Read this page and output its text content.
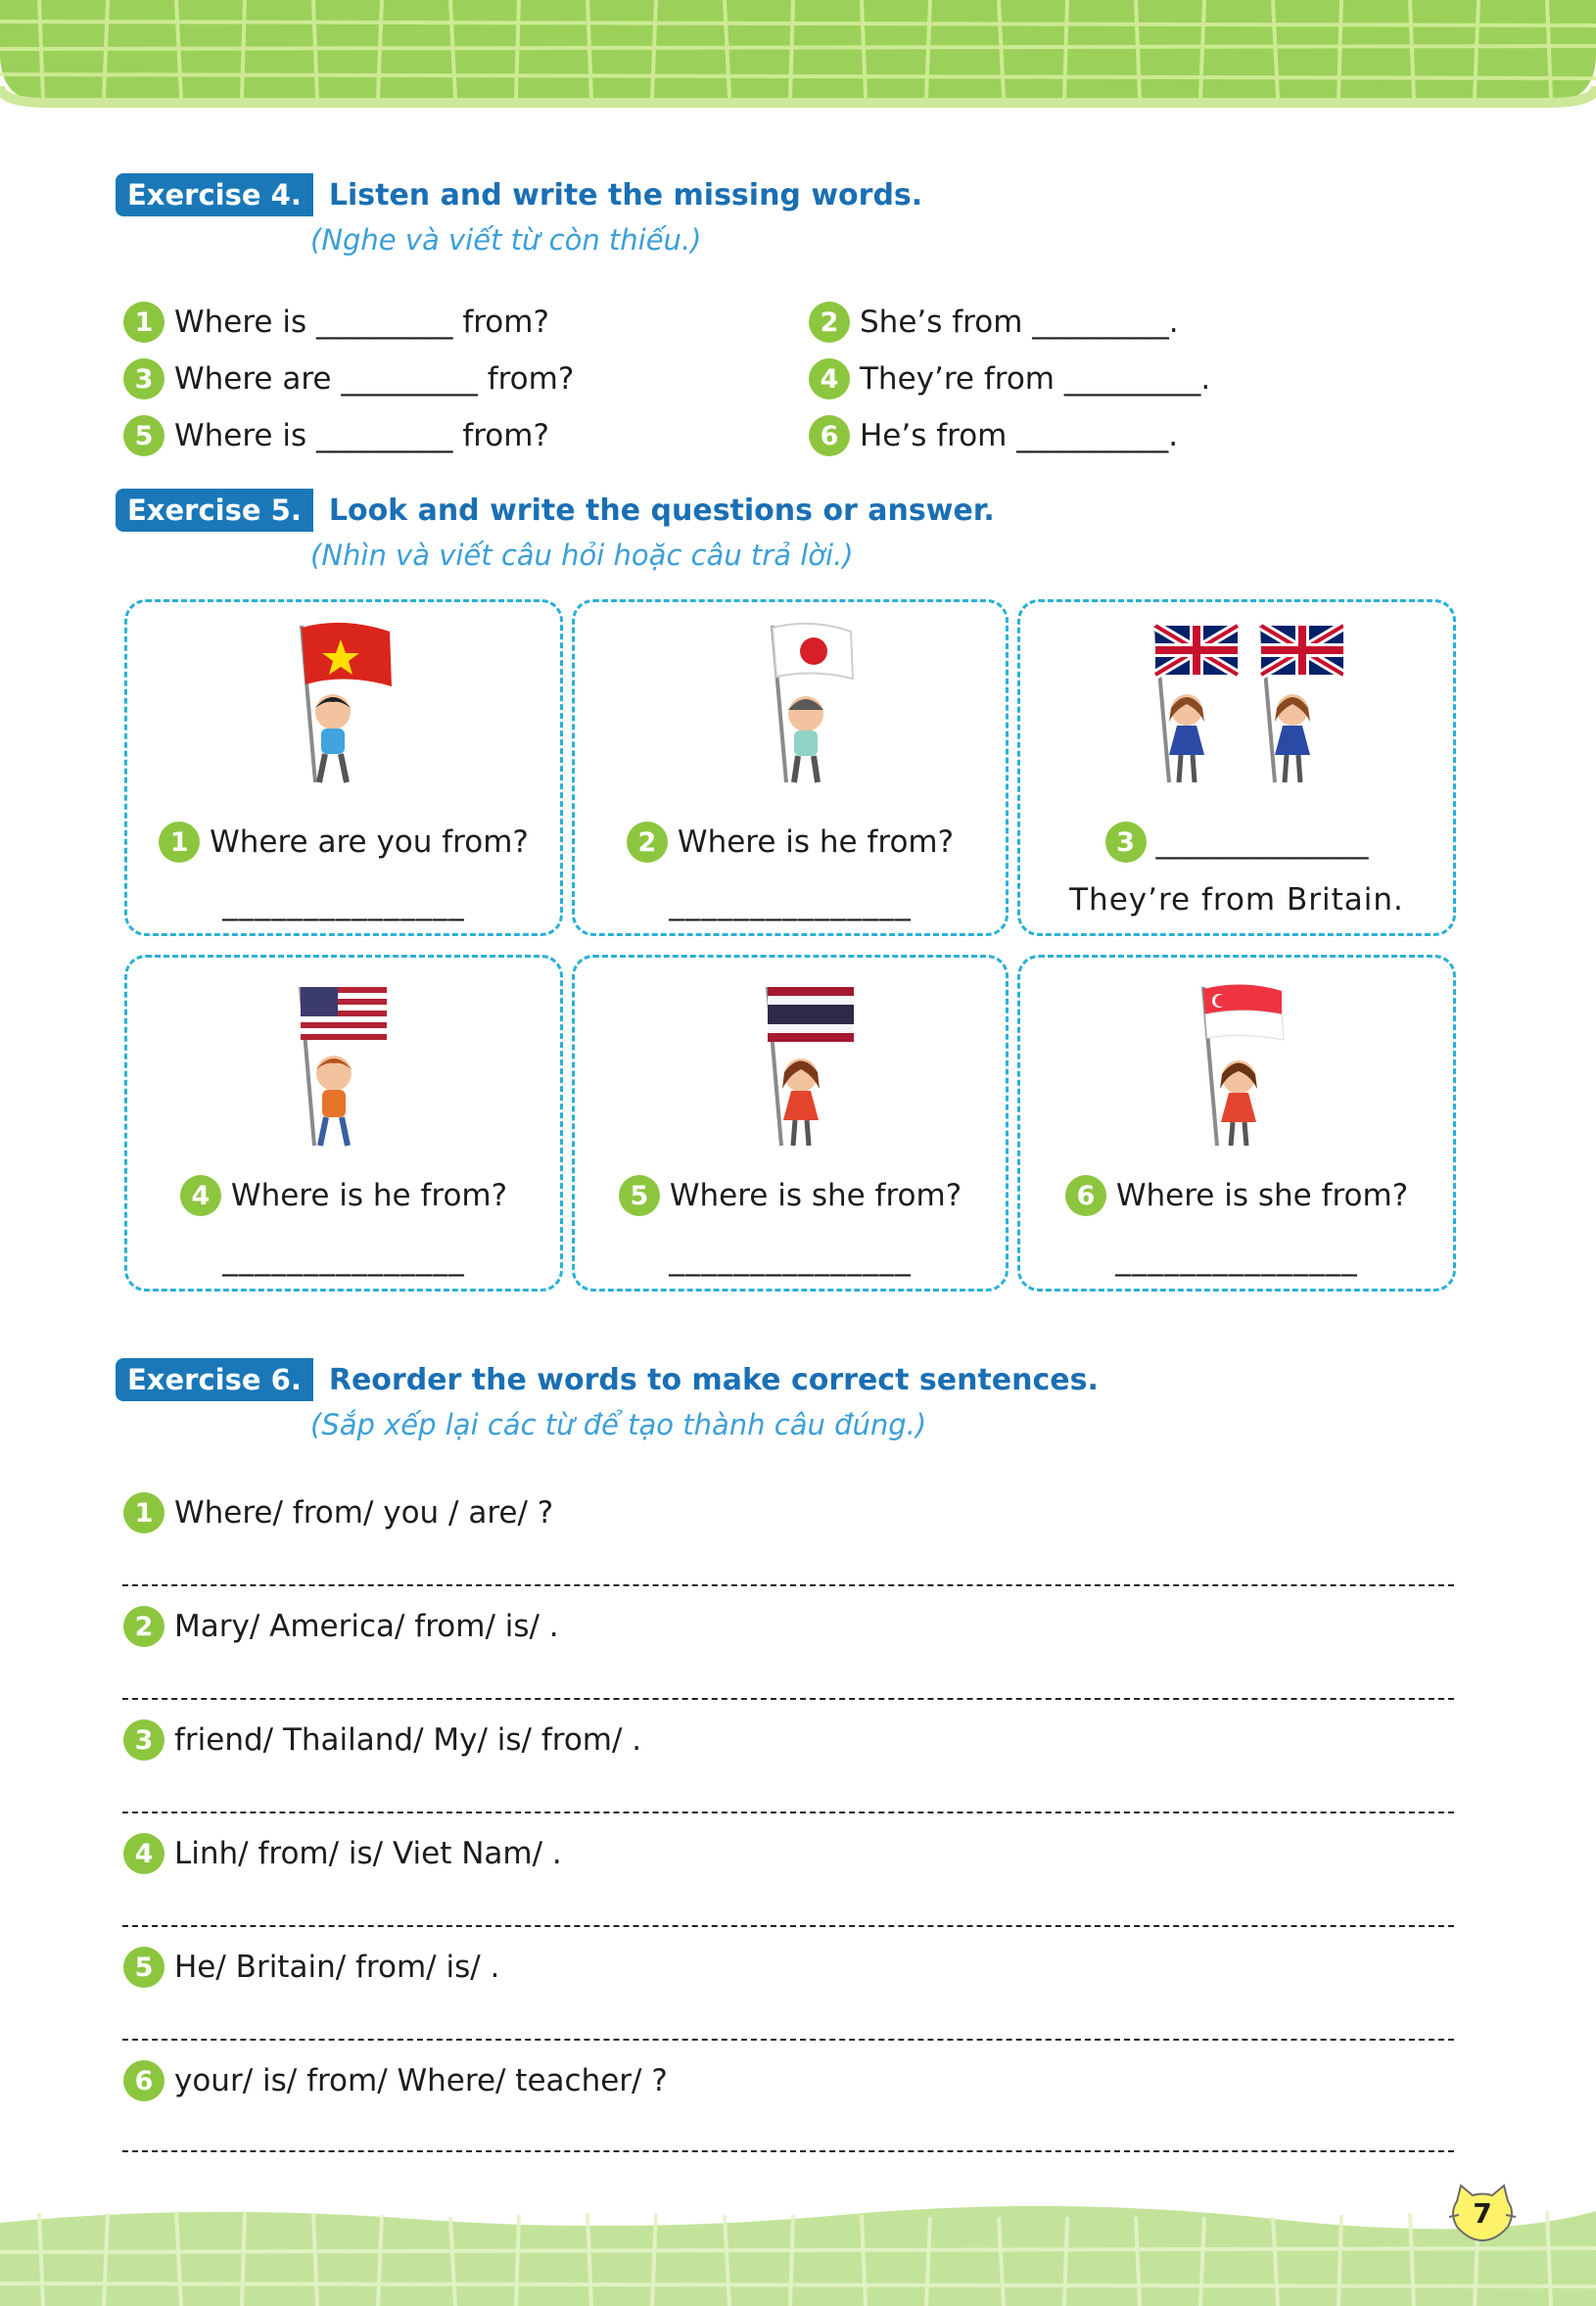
Exercise 4. Listen and write the missing words.
(Nghe và viết từ còn thiếu.)
1 Where is _________ from?	2 She’s from _________.
3 Where are _________ from?	4 They’re from _________.
5 Where is _________ from?	6 He’s from __________.
Exercise 5. Look and write the questions or answer.
(Nhìn và viết câu hỏi hoặc câu trả lời.)
1 Where are you from?
_______________
2 Where is he from?
_______________
3 ______________
They’re from Britain.
4 Where is he from?
_______________
5 Where is she from?
_______________
6 Where is she from?
_______________
Exercise 6. Reorder the words to make correct sentences.
(Sắp xếp lại các từ để tạo thành câu đúng.)
1 Where/ from/ you / are/ ?
2 Mary/ America/ from/ is/ .
3 friend/ Thailand/ My/ is/ from/ .
4 Linh/ from/ is/ Viet Nam/ .
5 He/ Britain/ from/ is/ .
6 your/ is/ from/ Where/ teacher/ ?
7
